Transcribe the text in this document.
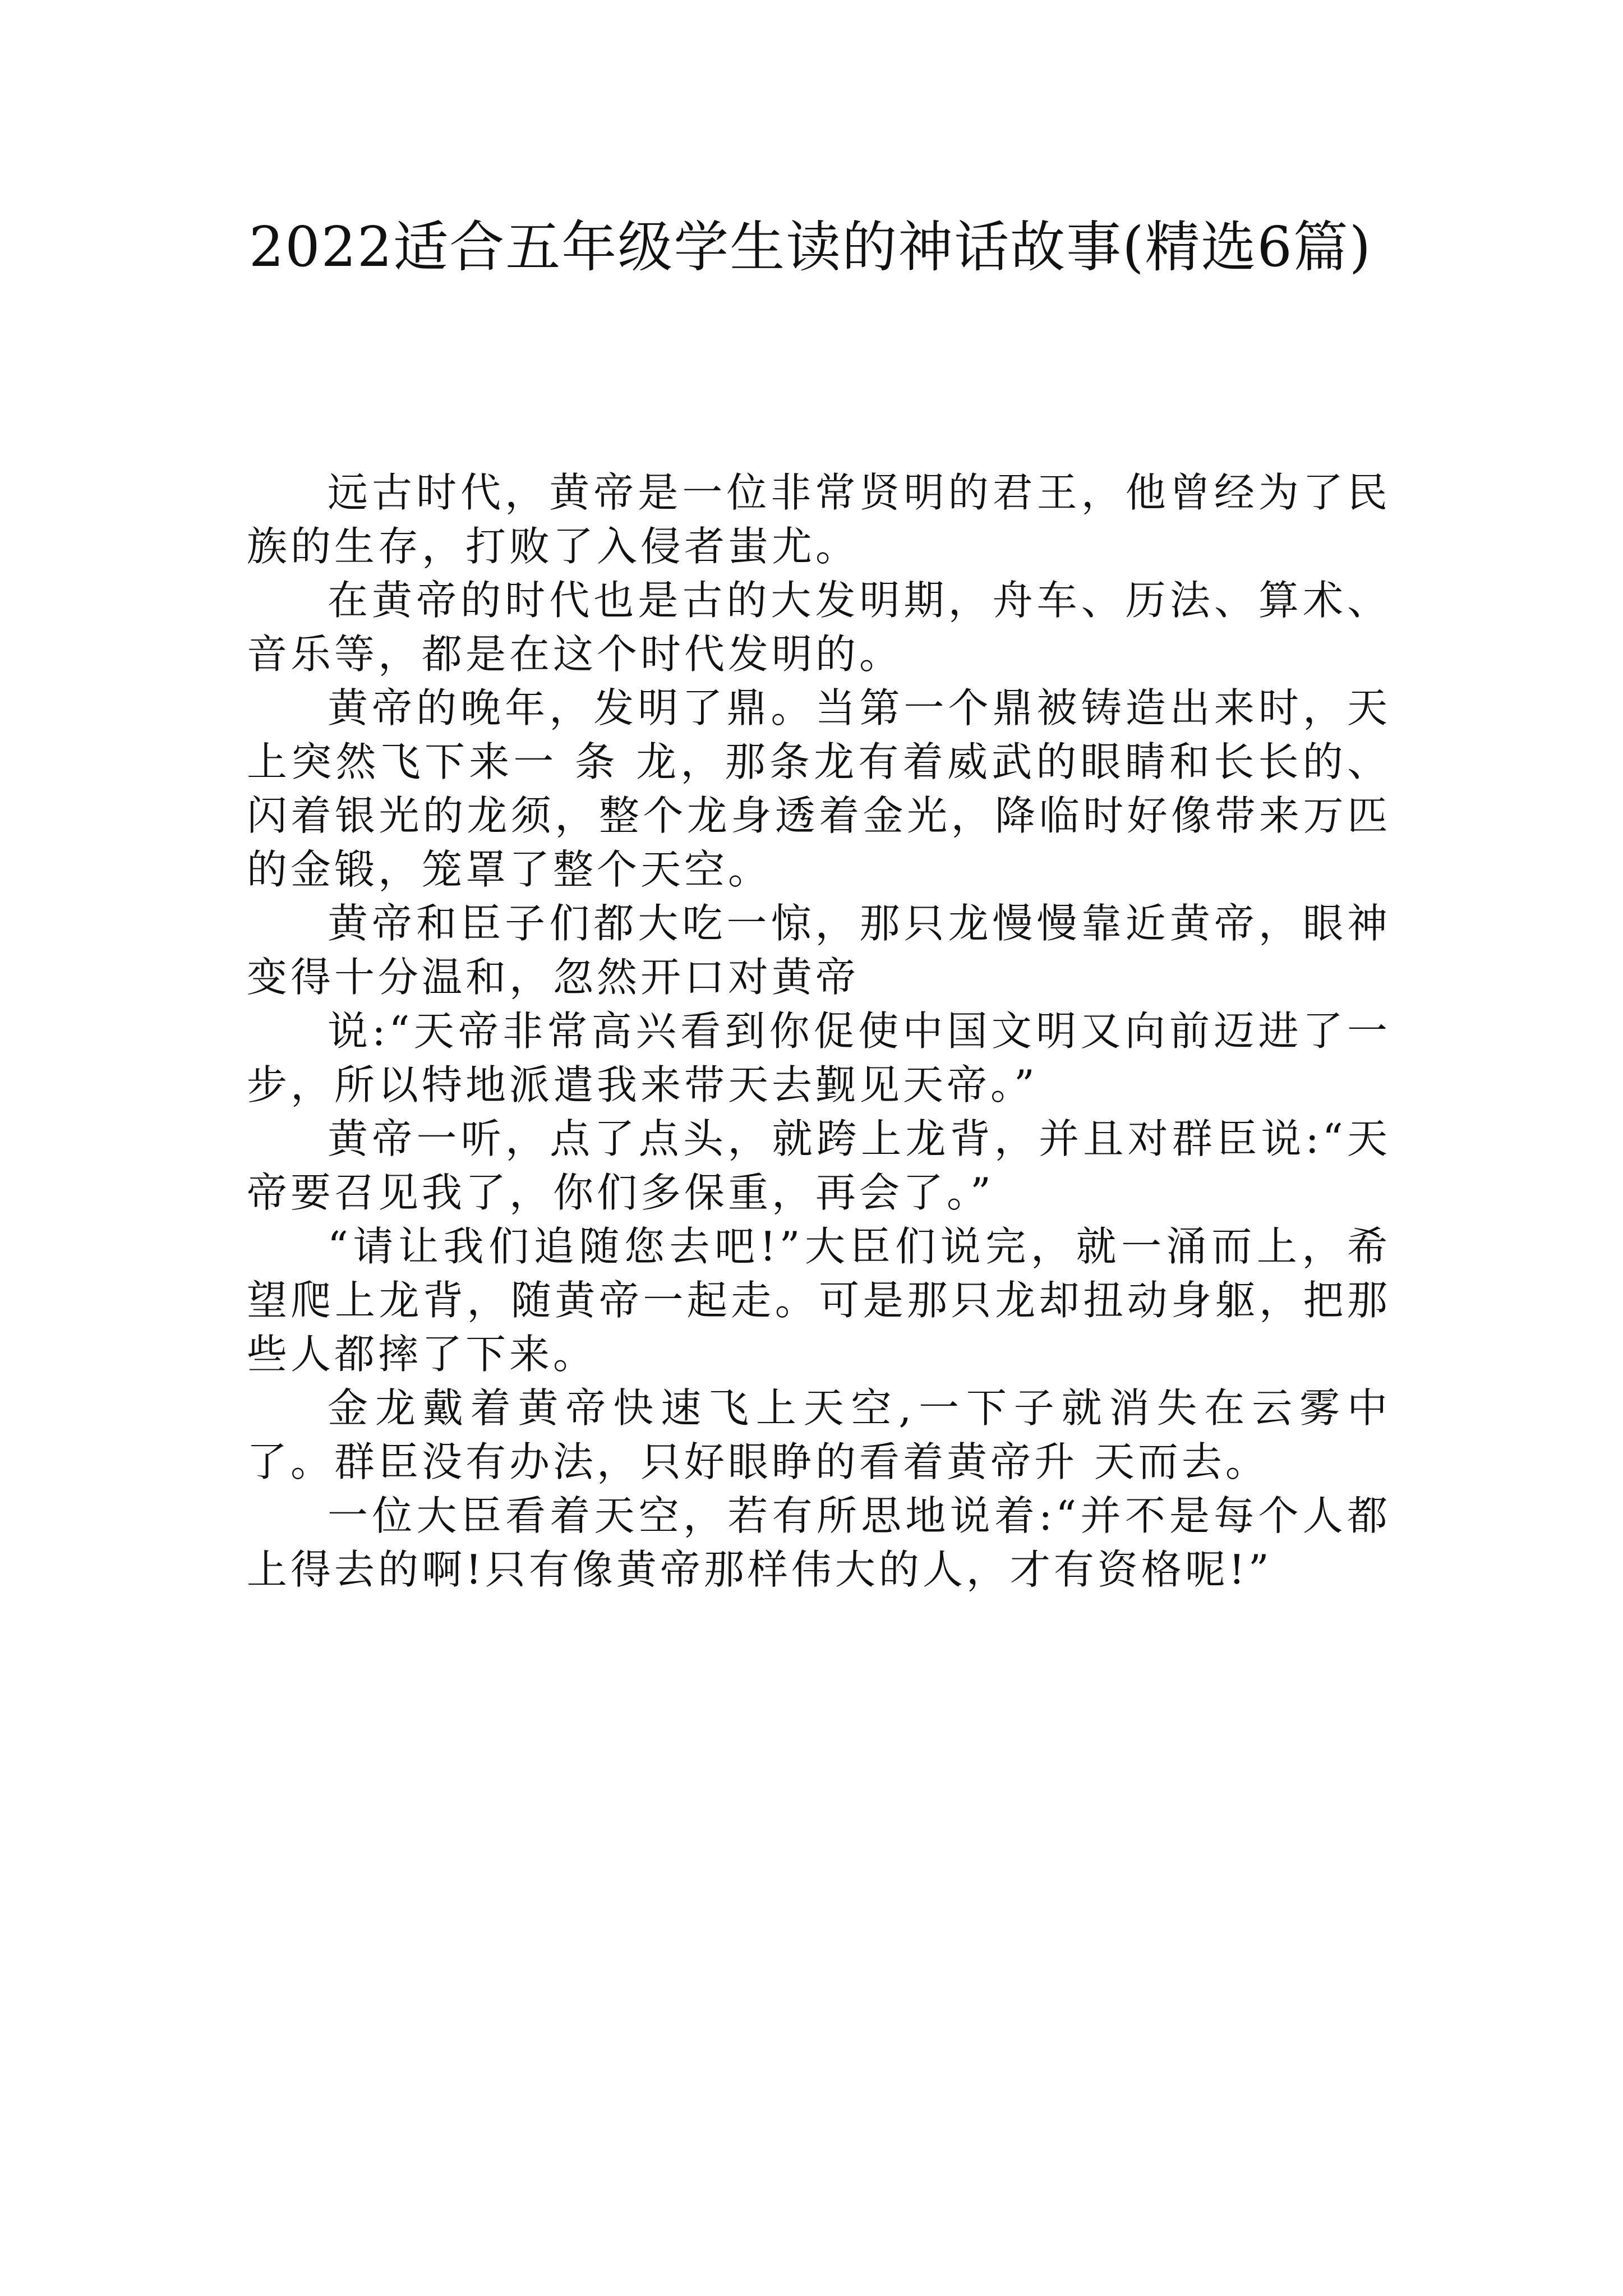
2022适合五年级学生读的神话故事(精选6篇)

远古时代，黄帝是一位非常贤明的君王，他曾经为了民族的生存，打败了入侵者蚩尤。

在黄帝的时代也是古的大发明期，舟车、历法、算术、音乐等，都是在这个时代发明的。

黄帝的晚年，发明了鼎。当第一个鼎被铸造出来时，天上突然飞下来一 条 龙，那条龙有着威武的眼睛和长长的、闪着银光的龙须，整个龙身透着金光，降临时好像带来万匹的金锻，笼罩了整个天空。

黄帝和臣子们都大吃一惊，那只龙慢慢靠近黄帝，眼神变得十分温和，忽然开口对黄帝

说:“天帝非常高兴看到你促使中国文明又向前迈进了一步，所以特地派遣我来带天去觐见天帝。”

黄帝一听，点了点头，就跨上龙背，并且对群臣说:“天帝要召见我了，你们多保重，再会了。”

“请让我们追随您去吧!”大臣们说完，就一涌而上，希望爬上龙背，随黄帝一起走。可是那只龙却扭动身躯，把那些人都摔了下来。

金龙戴着黄帝快速飞上天空,一下子就消失在云雾中了。群臣没有办法，只好眼睁的看着黄帝升 天而去。

一位大臣看着天空，若有所思地说着:“并不是每个人都上得去的啊!只有像黄帝那样伟大的人，才有资格呢!”
